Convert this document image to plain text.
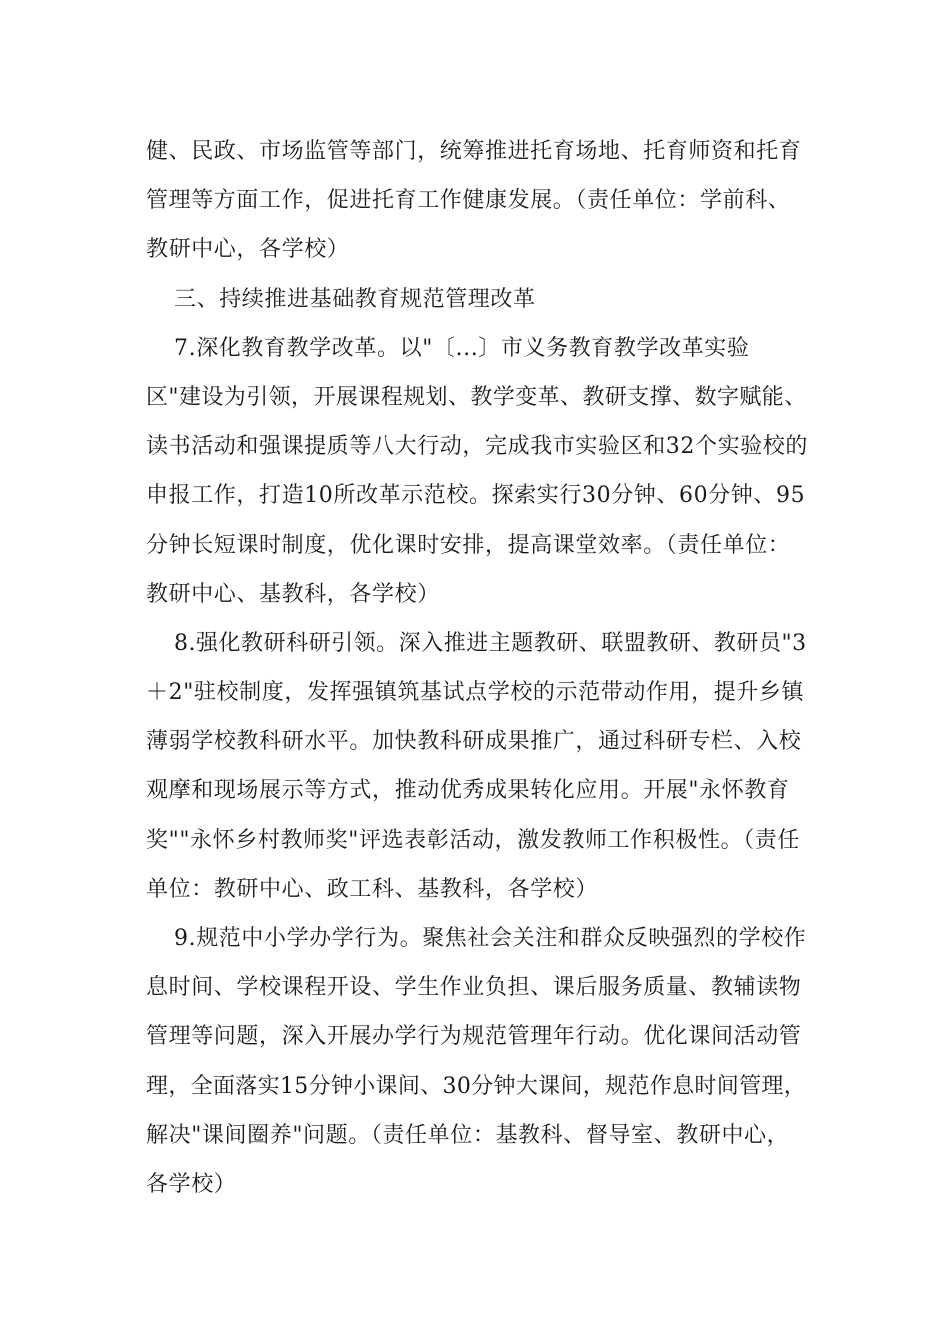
健、民政、市场监管等部门，统筹推进托育场地、托育师资和托育
管理等方面工作，促进托育工作健康发展。（责任单位：学前科、
教研中心，各学校）
三、持续推进基础教育规范管理改革
7.深化教育教学改革。以"〔...〕市义务教育教学改革实验
区"建设为引领，开展课程规划、教学变革、教研支撑、数字赋能、
读书活动和强课提质等八大行动，完成我市实验区和32个实验校的
申报工作，打造10所改革示范校。探索实行30分钟、60分钟、95
分钟长短课时制度，优化课时安排，提高课堂效率。（责任单位：
教研中心、基教科，各学校）
8.强化教研科研引领。深入推进主题教研、联盟教研、教研员"3
＋2"驻校制度，发挥强镇筑基试点学校的示范带动作用，提升乡镇
薄弱学校教科研水平。加快教科研成果推广，通过科研专栏、入校
观摩和现场展示等方式，推动优秀成果转化应用。开展"永怀教育
奖""永怀乡村教师奖"评选表彰活动，激发教师工作积极性。（责任
单位：教研中心、政工科、基教科，各学校）
9.规范中小学办学行为。聚焦社会关注和群众反映强烈的学校作
息时间、学校课程开设、学生作业负担、课后服务质量、教辅读物
管理等问题，深入开展办学行为规范管理年行动。优化课间活动管
理，全面落实15分钟小课间、30分钟大课间，规范作息时间管理，
解决"课间圈养"问题。（责任单位：基教科、督导室、教研中心，
各学校）
